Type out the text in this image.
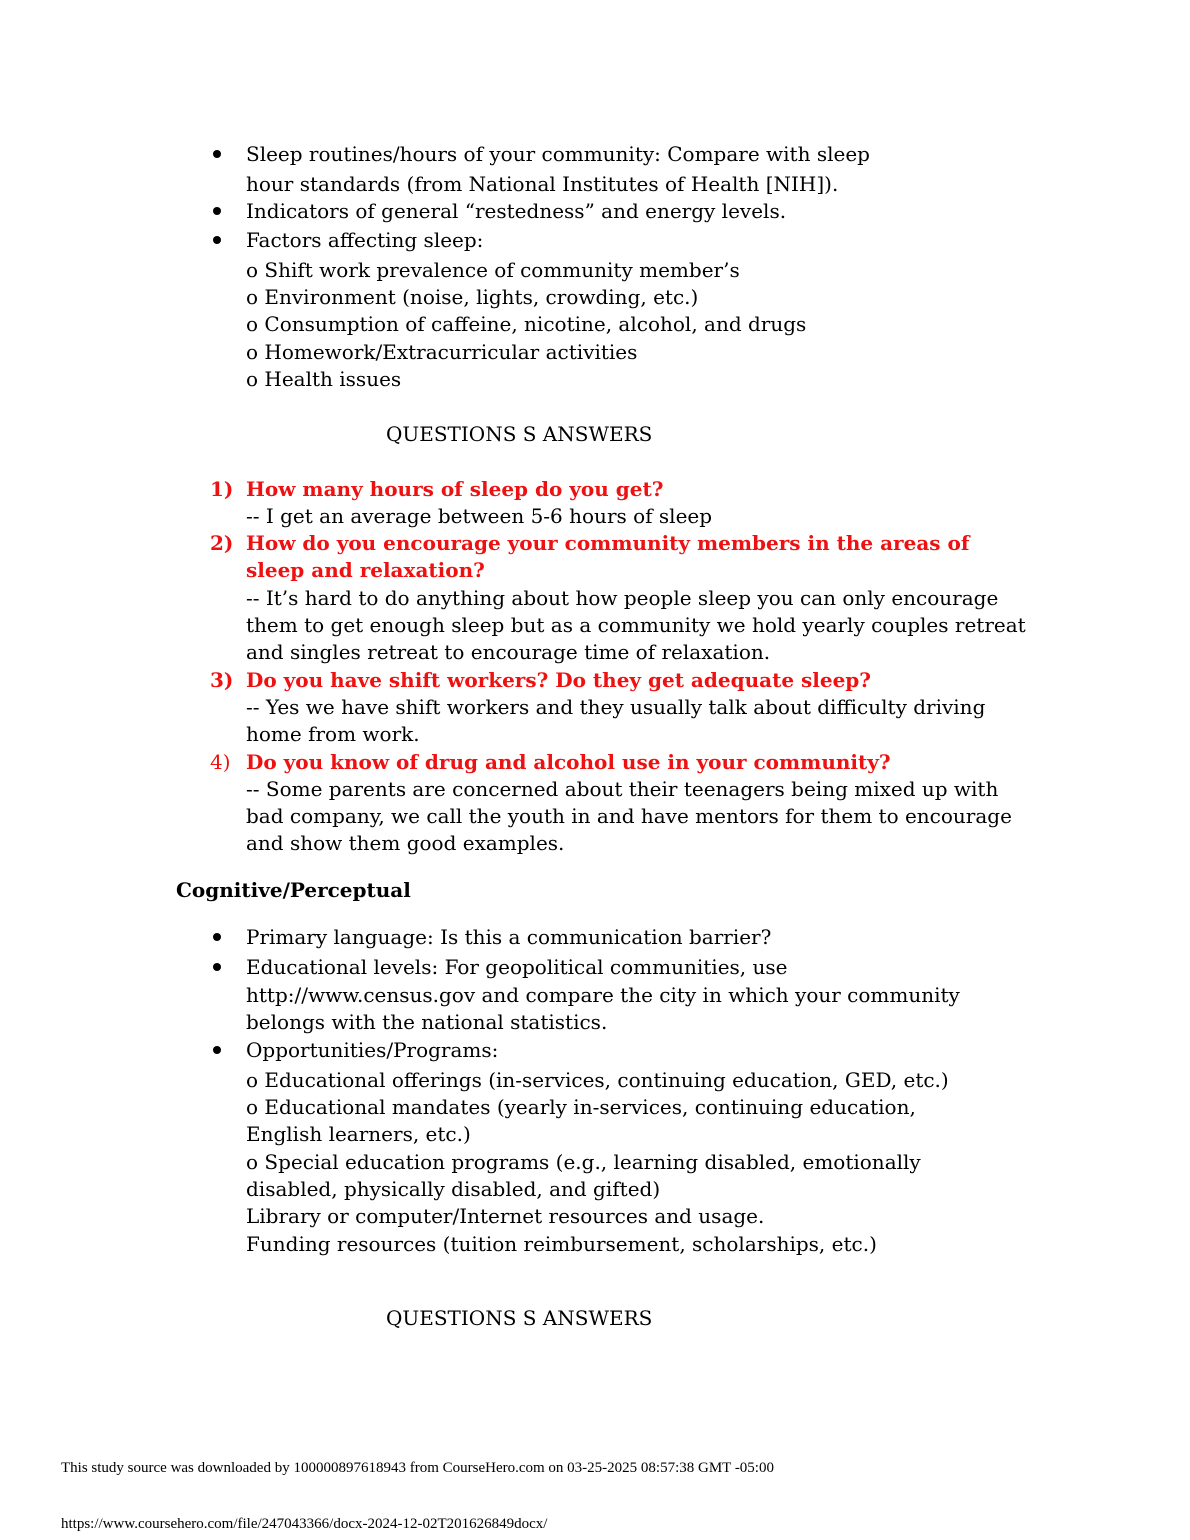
Sleep routines/hours of your community: Compare with sleep
hour standards (from National Institutes of Health [NIH]).
Indicators of general “restedness” and energy levels.
Factors affecting sleep:
o Shift work prevalence of community member’s
o Environment (noise, lights, crowding, etc.)
o Consumption of caffeine, nicotine, alcohol, and drugs
o Homework/Extracurricular activities
o Health issues
QUESTIONS S ANSWERS
1) How many hours of sleep do you get?
-- I get an average between 5-6 hours of sleep
2) How do you encourage your community members in the areas of
sleep and relaxation?
-- It’s hard to do anything about how people sleep you can only encourage
them to get enough sleep but as a community we hold yearly couples retreat
and singles retreat to encourage time of relaxation.
3) Do you have shift workers? Do they get adequate sleep?
-- Yes we have shift workers and they usually talk about difficulty driving
home from work.
4) Do you know of drug and alcohol use in your community?
-- Some parents are concerned about their teenagers being mixed up with
bad company, we call the youth in and have mentors for them to encourage
and show them good examples.
Cognitive/Perceptual
Primary language: Is this a communication barrier?
Educational levels: For geopolitical communities, use
http://www.census.gov and compare the city in which your community
belongs with the national statistics.
Opportunities/Programs:
o Educational offerings (in-services, continuing education, GED, etc.)
o Educational mandates (yearly in-services, continuing education,
English learners, etc.)
o Special education programs (e.g., learning disabled, emotionally
disabled, physically disabled, and gifted)
Library or computer/Internet resources and usage.
Funding resources (tuition reimbursement, scholarships, etc.)
QUESTIONS S ANSWERS
This study source was downloaded by 100000897618943 from CourseHero.com on 03-25-2025 08:57:38 GMT -05:00
https://www.coursehero.com/file/247043366/docx-2024-12-02T201626849docx/
